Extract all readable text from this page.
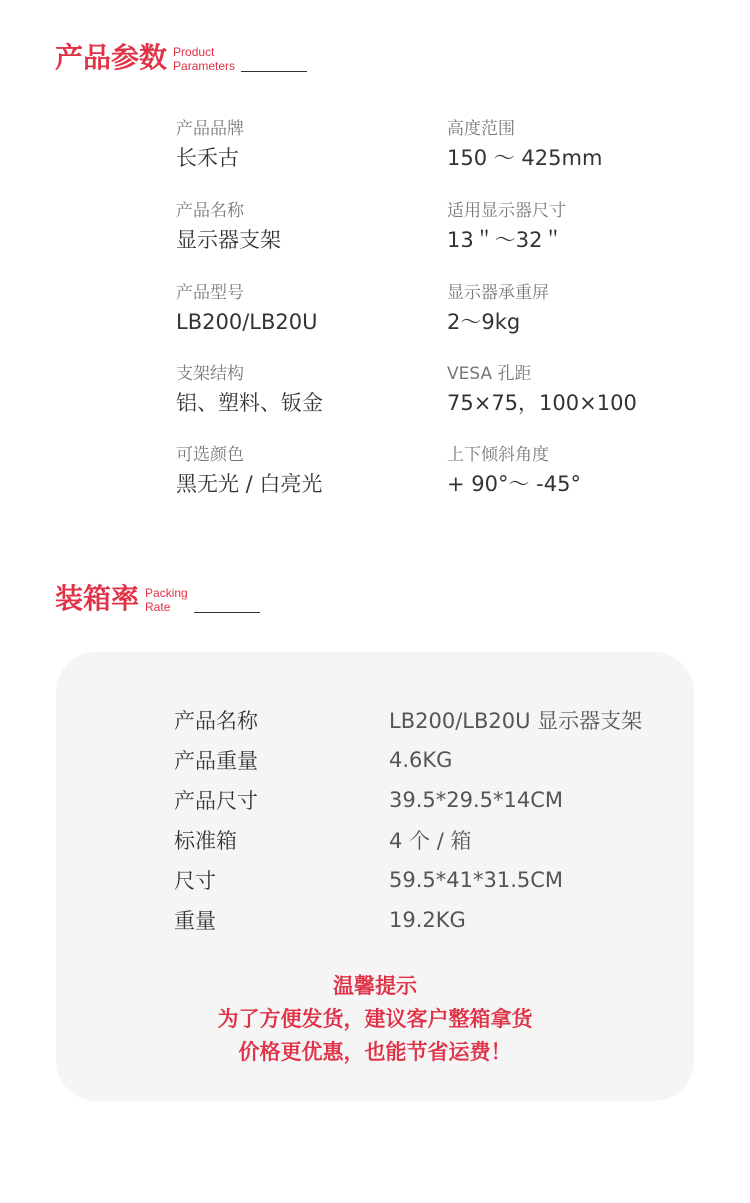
产品参数 Product
Parameters
产品品牌
长禾古
高度范围
150 ～ 425mm
产品名称
显示器支架
适用显示器尺寸
13＂～32＂
产品型号
LB200/LB20U
显示器承重屏
2～9kg
支架结构
铝、塑料、钣金
VESA 孔距
75×75，100×100
可选颜色
黑无光 / 白亮光
上下倾斜角度
+ 90°～ -45°
装箱率 Packing
Rate
产品名称	LB200/LB20U 显示器支架
产品重量	4.6KG
产品尺寸	39.5*29.5*14CM
标准箱	4 个 / 箱
尺寸	59.5*41*31.5CM
重量	19.2KG
温馨提示
为了方便发货，建议客户整箱拿货
价格更优惠，也能节省运费！
